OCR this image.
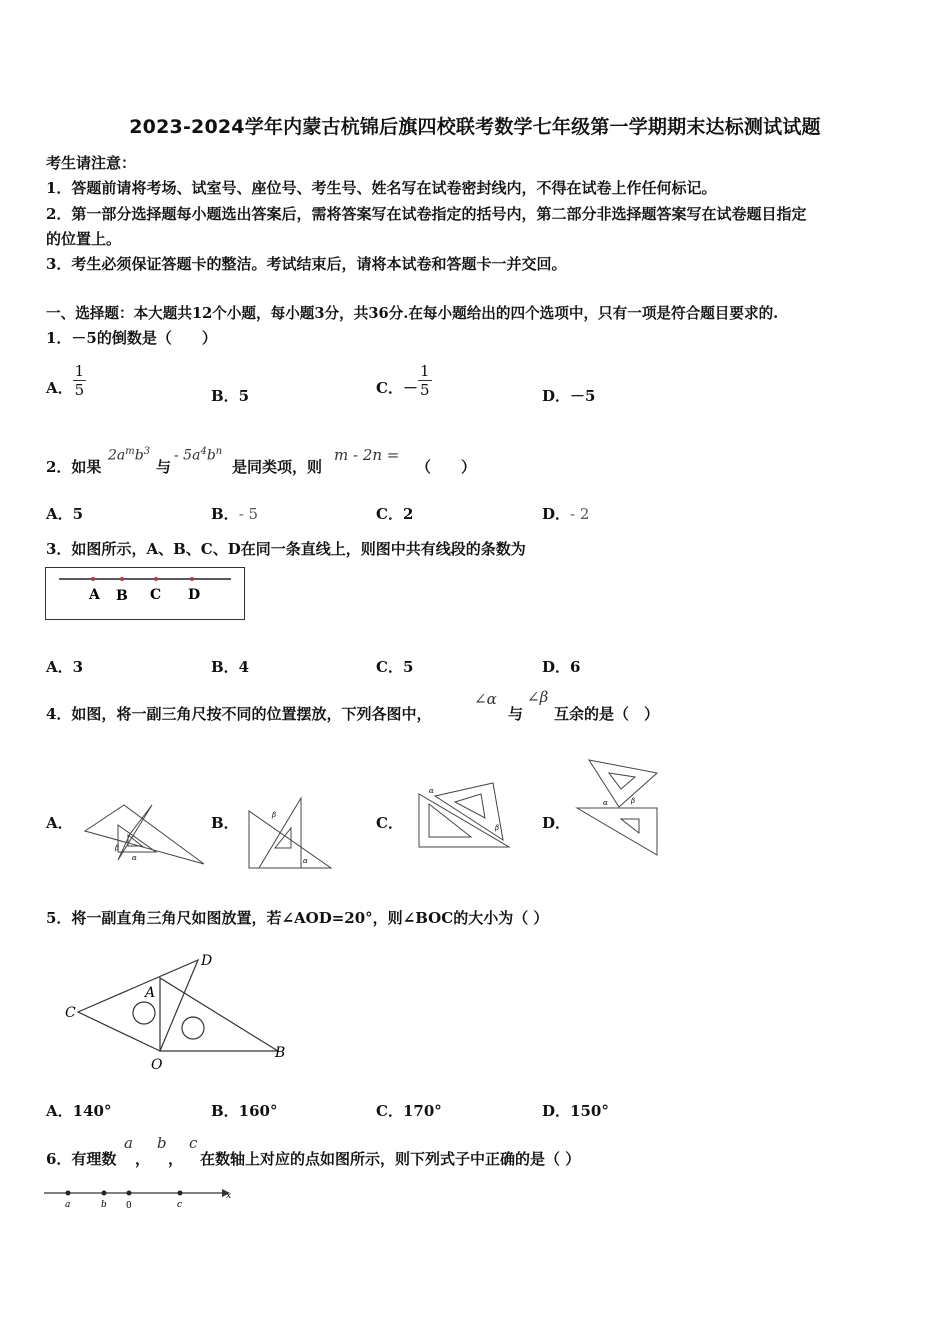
2023-2024学年内蒙古杭锦后旗四校联考数学七年级第一学期期末达标测试试题
考生请注意：
1．答题前请将考场、试室号、座位号、考生号、姓名写在试卷密封线内，不得在试卷上作任何标记。
2．第一部分选择题每小题选出答案后，需将答案写在试卷指定的括号内，第二部分非选择题答案写在试卷题目指定
的位置上。
3．考生必须保证答题卡的整洁。考试结束后，请将本试卷和答题卡一并交回。
一、选择题：本大题共12个小题，每小题3分，共36分.在每小题给出的四个选项中，只有一项是符合题目要求的.
1．－5的倒数是（　　）
A． $\frac{1}{5}$	B．5	C．－ $\frac{1}{5}$	D．－5
2．如果
$2a^mb^3$
与
- $5a^4b^n$
是同类项，则
m - 2n =
（　　）
A．5	B．- 5	C．2	D．- 2
3．如图所示，A、B、C、D在同一条直线上，则图中共有线段的条数为
A B C D
A．3	B．4	C．5	D．6
4．如图，将一副三角尺按不同的位置摆放，下列各图中，
∠α
与
∠β
互余的是（　）
A．
β
α
B．	β
α
C．
α
β	D．
α	β
5．将一副直角三角尺如图放置，若∠AOD=20°，则∠BOC的大小为（ ）
C
A
D
O
B
A．140°	B．160°	C．170°	D．150°
6．有理数
a
，
b
，
c
在数轴上对应的点如图所示，则下列式子中正确的是（ ）
a	b 0	c
x
